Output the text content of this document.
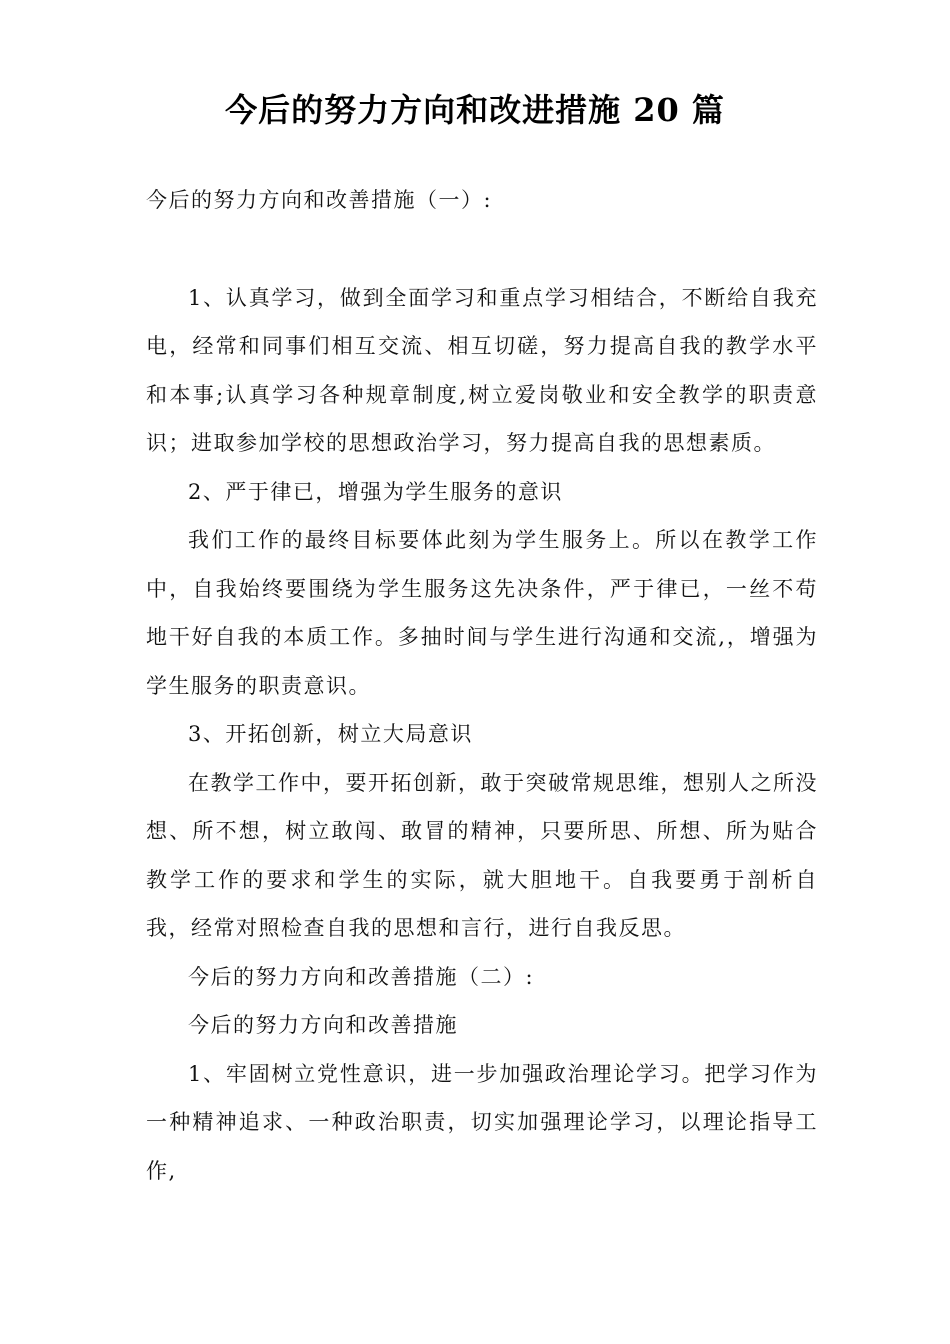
今后的努力方向和改进措施 20 篇

今后的努力方向和改善措施（一）:

1、认真学习，做到全面学习和重点学习相结合，不断给自我充电，经常和同事们相互交流、相互切磋，努力提高自我的教学水平和本事;认真学习各种规章制度,树立爱岗敬业和安全教学的职责意识；进取参加学校的思想政治学习，努力提高自我的思想素质。

2、严于律已，增强为学生服务的意识

我们工作的最终目标要体此刻为学生服务上。所以在教学工作中，自我始终要围绕为学生服务这先决条件，严于律已，一丝不苟地干好自我的本质工作。多抽时间与学生进行沟通和交流,，增强为学生服务的职责意识。

3、开拓创新，树立大局意识

在教学工作中，要开拓创新，敢于突破常规思维，想别人之所没想、所不想，树立敢闯、敢冒的精神，只要所思、所想、所为贴合教学工作的要求和学生的实际，就大胆地干。自我要勇于剖析自我，经常对照检查自我的思想和言行，进行自我反思。

今后的努力方向和改善措施（二）:

今后的努力方向和改善措施

1、牢固树立党性意识，进一步加强政治理论学习。把学习作为一种精神追求、一种政治职责，切实加强理论学习，以理论指导工作,
